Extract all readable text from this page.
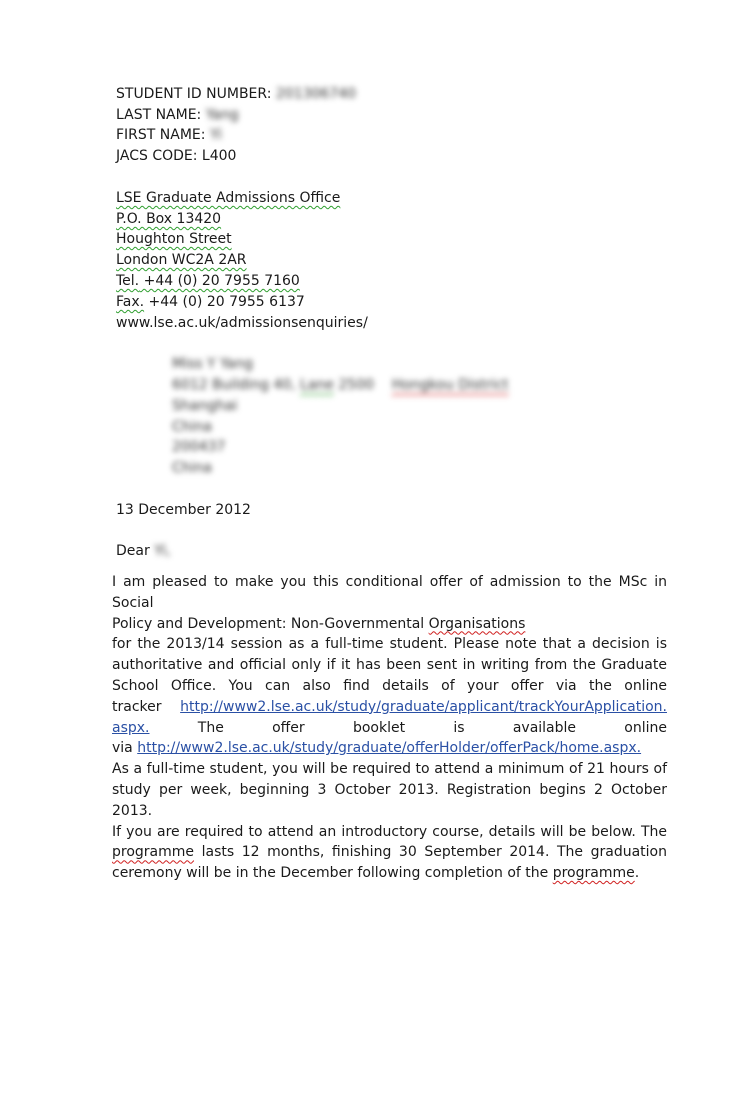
STUDENT ID NUMBER: 201306740
LAST NAME: Yang
FIRST NAME: Yi
JACS CODE: L400
LSE Graduate Admissions Office
P.O. Box 13420
Houghton Street
London WC2A 2AR
Tel. +44 (0) 20 7955 7160
Fax. +44 (0) 20 7955 6137
www.lse.ac.uk/admissionsenquiries/
Miss Y Yang
6012 Building 40, Lane 2500 Hongkou District
Shanghai
China
200437
China
13 December 2012
Dear Yi,
I am pleased to make you this conditional offer of admission to the MSc in Social
Policy and Development: Non-Governmental Organisations
for the 2013/14 session as a full-time student. Please note that a decision is
authoritative and official only if it has been sent in writing from the Graduate
School Office. You can also find details of your offer via the online
tracker http://www2.lse.ac.uk/study/graduate/applicant/trackYourApplication.
aspx. The offer booklet is available online
via http://www2.lse.ac.uk/study/graduate/offerHolder/offerPack/home.aspx.
As a full-time student, you will be required to attend a minimum of 21 hours of
study per week, beginning 3 October 2013. Registration begins 2 October 2013.
If you are required to attend an introductory course, details will be below. The
programme lasts 12 months, finishing 30 September 2014. The graduation
ceremony will be in the December following completion of the programme.
